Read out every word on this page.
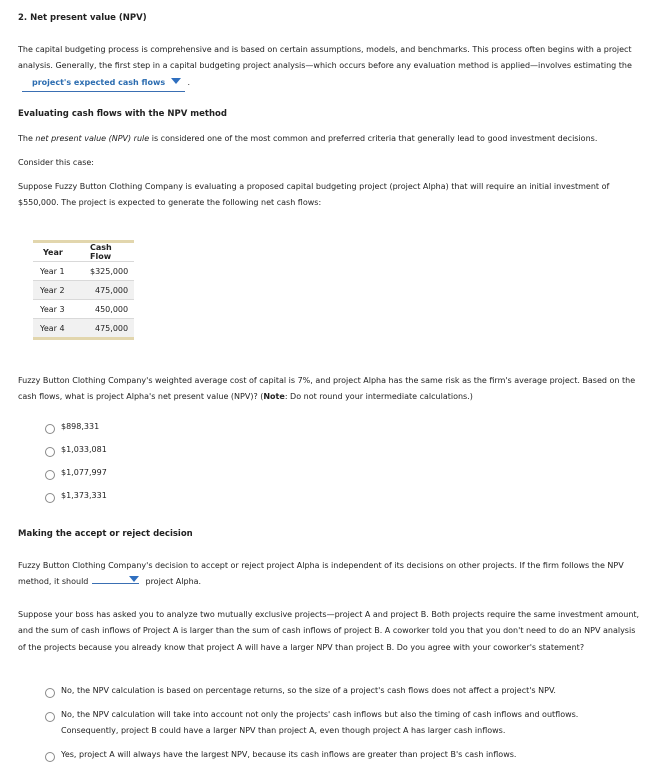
2. Net present value (NPV)
The capital budgeting process is comprehensive and is based on certain assumptions, models, and benchmarks. This process often begins with a project analysis. Generally, the first step in a capital budgeting project analysis—which occurs before any evaluation method is applied—involves estimating the project's expected cash flows	.
Evaluating cash flows with the NPV method
The net present value (NPV) rule is considered one of the most common and preferred criteria that generally lead to good investment decisions.
Consider this case:
Suppose Fuzzy Button Clothing Company is evaluating a proposed capital budgeting project (project Alpha) that will require an initial investment of $550,000. The project is expected to generate the following net cash flows:
Year	Cash Flow
Year 1	$325,000
Year 2	475,000
Year 3	450,000
Year 4	475,000
Fuzzy Button Clothing Company's weighted average cost of capital is 7%, and project Alpha has the same risk as the firm's average project. Based on the cash flows, what is project Alpha's net present value (NPV)? (Note: Do not round your intermediate calculations.)
$898,331
$1,033,081
$1,077,997
$1,373,331
Making the accept or reject decision
Fuzzy Button Clothing Company's decision to accept or reject project Alpha is independent of its decisions on other projects. If the firm follows the NPV method, it should	project Alpha.
Suppose your boss has asked you to analyze two mutually exclusive projects—project A and project B. Both projects require the same investment amount, and the sum of cash inflows of Project A is larger than the sum of cash inflows of project B. A coworker told you that you don't need to do an NPV analysis of the projects because you already know that project A will have a larger NPV than project B. Do you agree with your coworker's statement?
No, the NPV calculation is based on percentage returns, so the size of a project's cash flows does not affect a project's NPV.
No, the NPV calculation will take into account not only the projects' cash inflows but also the timing of cash inflows and outflows. Consequently, project B could have a larger NPV than project A, even though project A has larger cash inflows.
Yes, project A will always have the largest NPV, because its cash inflows are greater than project B's cash inflows.
